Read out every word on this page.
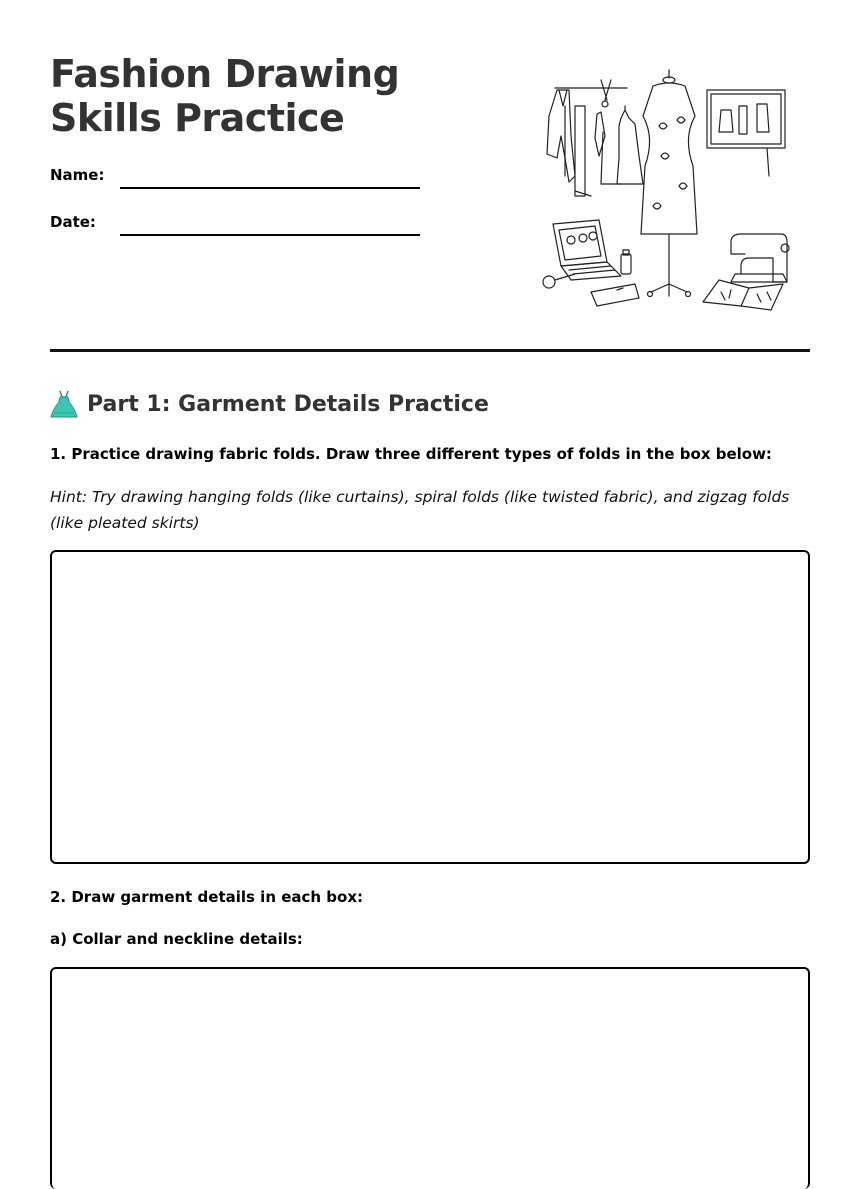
Fashion Drawing Skills Practice
Name:
Date:
Part 1: Garment Details Practice

1. Practice drawing fabric folds. Draw three different types of folds in the box below:

Hint: Try drawing hanging folds (like curtains), spiral folds (like twisted fabric), and zigzag folds (like pleated skirts)

2. Draw garment details in each box:

a) Collar and neckline details:
